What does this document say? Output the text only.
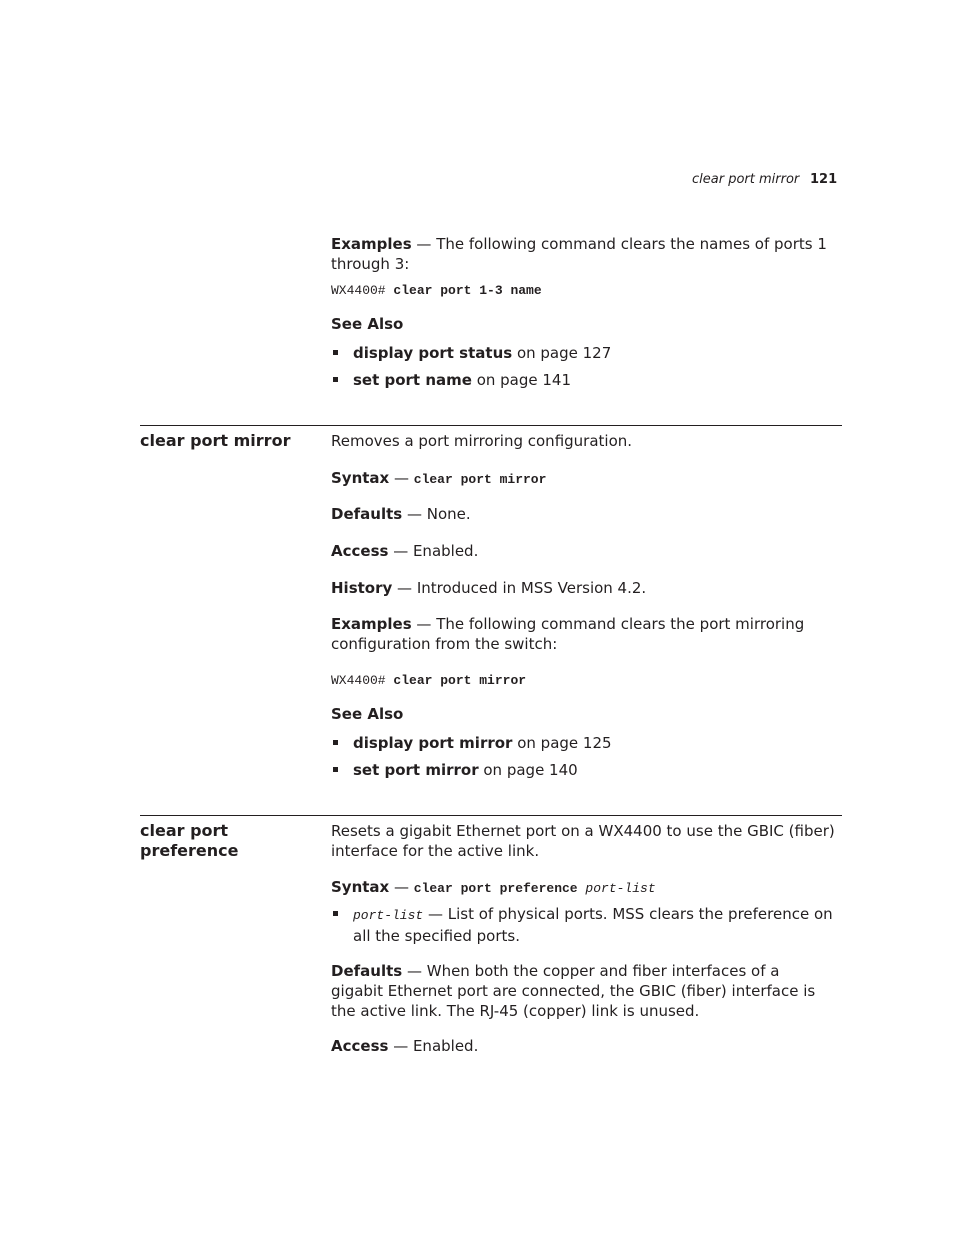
clear port mirror 121
Examples — The following command clears the names of ports 1 through 3:
WX4400# clear port 1-3 name
See Also
display port status on page 127
set port name on page 141
clear port mirror	Removes a port mirroring configuration.
Syntax — clear port mirror
Defaults — None.
Access — Enabled.
History — Introduced in MSS Version 4.2.
Examples — The following command clears the port mirroring configuration from the switch:
WX4400# clear port mirror
See Also
display port mirror on page 125
set port mirror on page 140
clear port
preference
Resets a gigabit Ethernet port on a WX4400 to use the GBIC (fiber) interface for the active link.
Syntax — clear port preference port-list
port-list — List of physical ports. MSS clears the preference on all the specified ports.
Defaults — When both the copper and fiber interfaces of a gigabit Ethernet port are connected, the GBIC (fiber) interface is the active link. The RJ-45 (copper) link is unused.
Access — Enabled.
